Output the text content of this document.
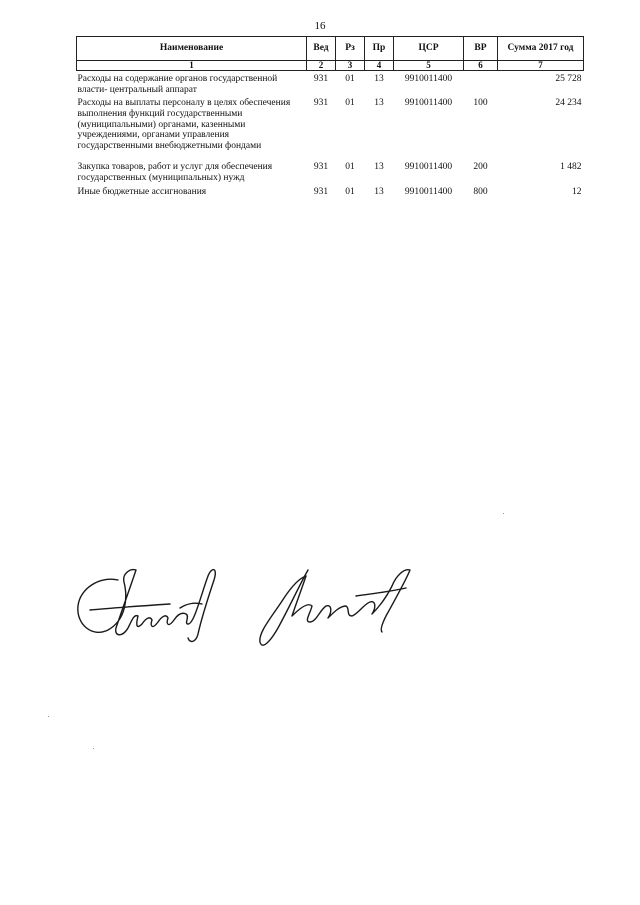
16
Наименование	Вед	Рз	Пр	ЦСР	ВР	Сумма 2017 год
1	2	3	4	5	6	7
Расходы на содержание органов государственной власти- центральный аппарат	931	01	13	9910011400		25 728
Расходы на выплаты персоналу в целях обеспечения выполнения функций государственными (муниципальными) органами, казенными учреждениями, органами управления государственными внебюджетными фондами	931	01	13	9910011400	100	24 234
Закупка товаров, работ и услуг для обеспечения государственных (муниципальных) нужд	931	01	13	9910011400	200	1 482
Иные бюджетные ассигнования	931	01	13	9910011400	800	12
